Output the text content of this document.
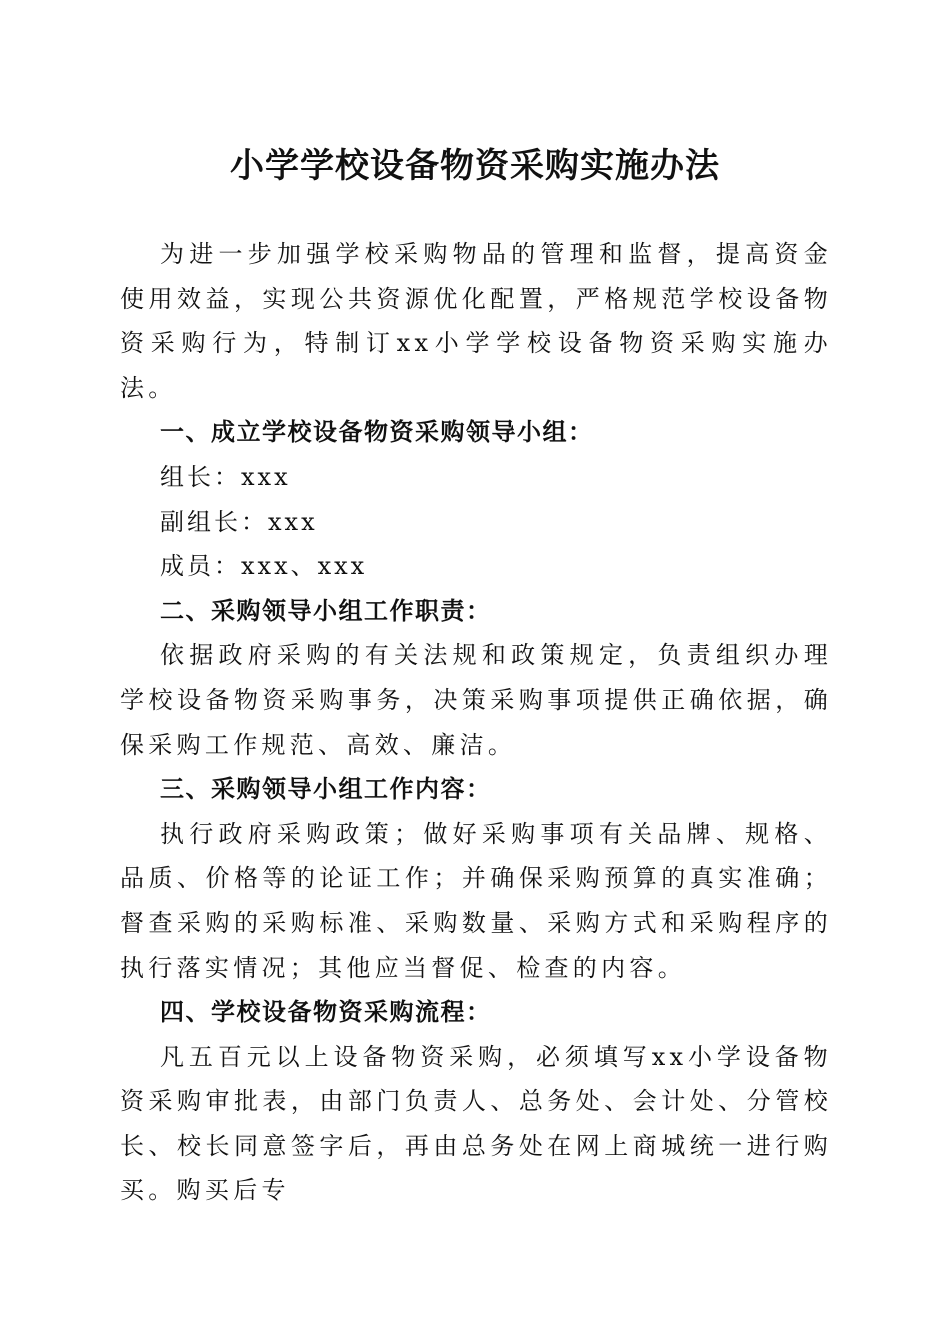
小学学校设备物资采购实施办法

为进一步加强学校采购物品的管理和监督，提高资金使用效益，实现公共资源优化配置，严格规范学校设备物资采购行为，特制订xx小学学校设备物资采购实施办法。

一、成立学校设备物资采购领导小组：

组长：xxx

副组长：xxx

成员：xxx、xxx

二、采购领导小组工作职责：

依据政府采购的有关法规和政策规定，负责组织办理学校设备物资采购事务，决策采购事项提供正确依据，确保采购工作规范、高效、廉洁。

三、采购领导小组工作内容：

执行政府采购政策；做好采购事项有关品牌、规格、品质、价格等的论证工作；并确保采购预算的真实准确；督查采购的采购标准、采购数量、采购方式和采购程序的执行落实情况；其他应当督促、检查的内容。

四、学校设备物资采购流程：

凡五百元以上设备物资采购，必须填写xx小学设备物资采购审批表，由部门负责人、总务处、会计处、分管校长、校长同意签字后，再由总务处在网上商城统一进行购买。购买后专
